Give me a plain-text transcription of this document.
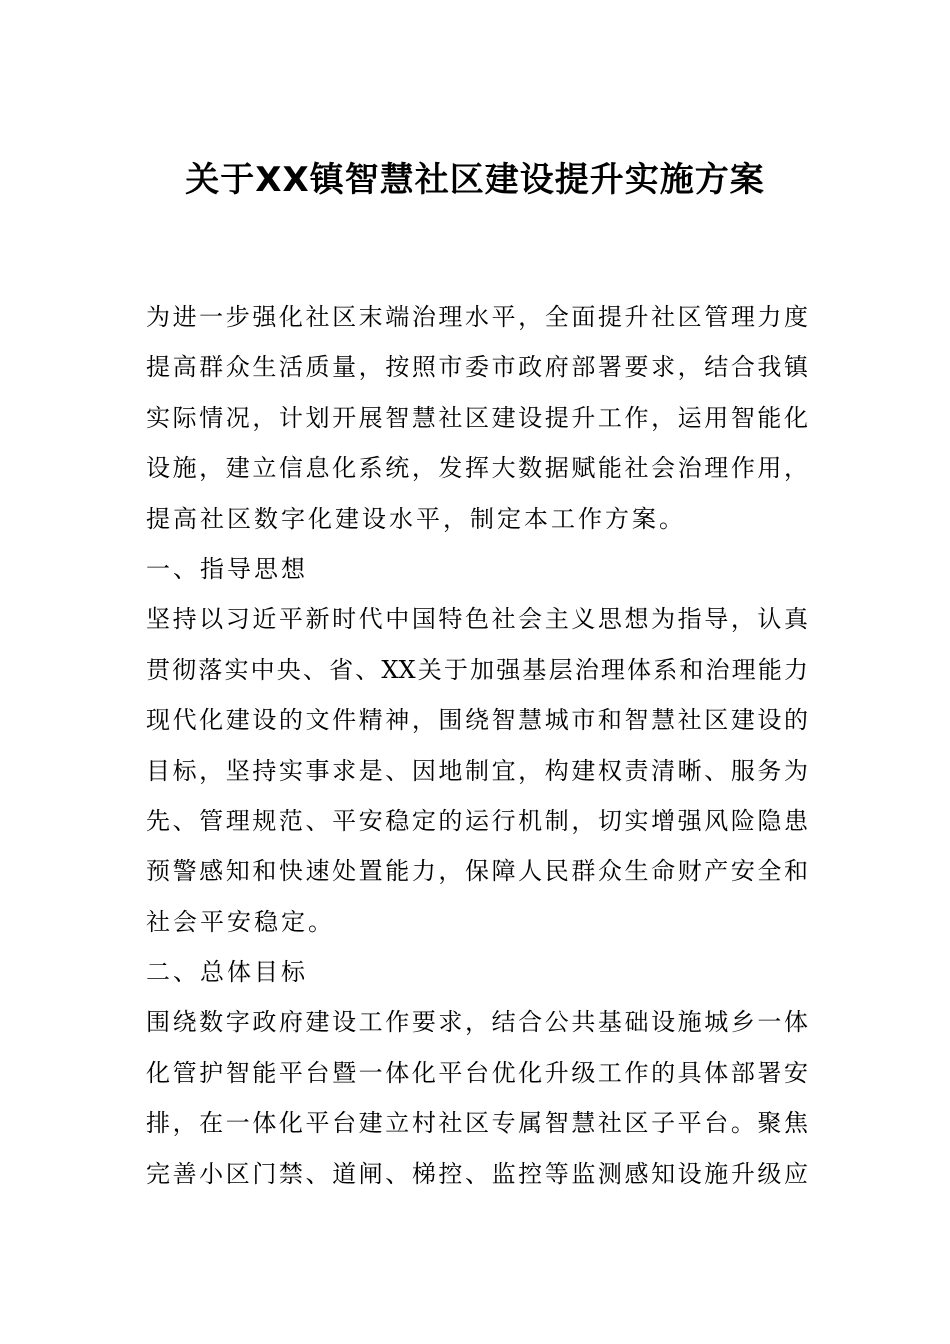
关于XX镇智慧社区建设提升实施方案
为进一步强化社区末端治理水平，全面提升社区管理力度
提高群众生活质量，按照市委市政府部署要求，结合我镇
实际情况，计划开展智慧社区建设提升工作，运用智能化
设施，建立信息化系统，发挥大数据赋能社会治理作用，
提高社区数字化建设水平，制定本工作方案。
一、指导思想
坚持以习近平新时代中国特色社会主义思想为指导，认真
贯彻落实中央、省、XX关于加强基层治理体系和治理能力
现代化建设的文件精神，围绕智慧城市和智慧社区建设的
目标，坚持实事求是、因地制宜，构建权责清晰、服务为
先、管理规范、平安稳定的运行机制，切实增强风险隐患
预警感知和快速处置能力，保障人民群众生命财产安全和
社会平安稳定。
二、总体目标
围绕数字政府建设工作要求，结合公共基础设施城乡一体
化管护智能平台暨一体化平台优化升级工作的具体部署安
排，在一体化平台建立村社区专属智慧社区子平台。聚焦
完善小区门禁、道闸、梯控、监控等监测感知设施升级应
